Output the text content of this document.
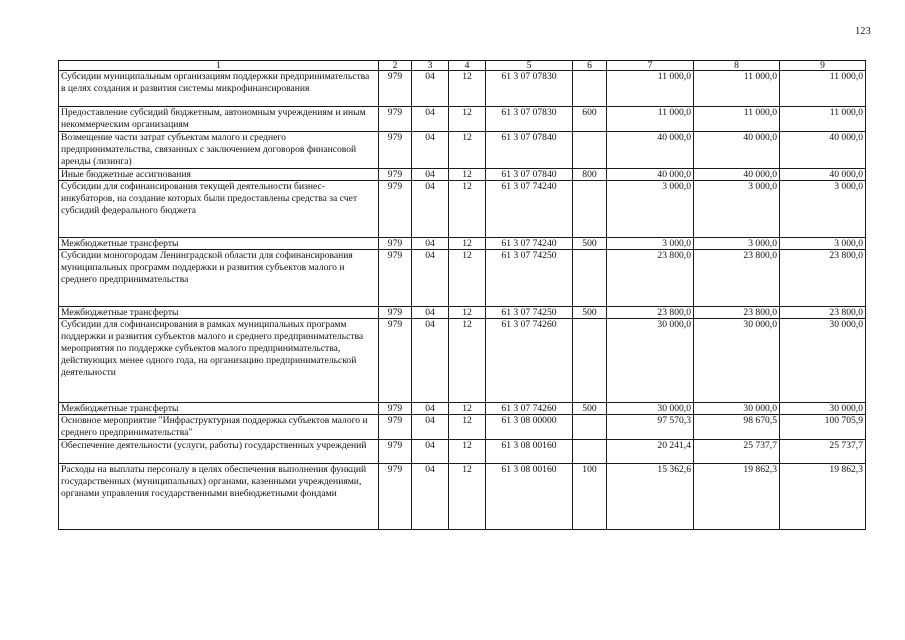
123
1	2	3	4	5	6	7	8	9
Субсидии муниципальным организациям поддержки предпринимательства в целях создания и развития системы микрофинансирования	979	04	12	61 3 07 07830		11 000,0	11 000,0	11 000,0
Предоставление субсидий бюджетным, автономным учреждениям и иным некоммерческим организациям	979	04	12	61 3 07 07830	600	11 000,0	11 000,0	11 000,0
Возмещение части затрат субъектам малого и среднего предпринимательства, связанных с заключением договоров финансовой аренды (лизинга)	979	04	12	61 3 07 07840		40 000,0	40 000,0	40 000,0
Иные бюджетные ассигнования	979	04	12	61 3 07 07840	800	40 000,0	40 000,0	40 000,0
Субсидии для софинансирования текущей деятельности бизнес-инкубаторов, на создание которых были предоставлены средства за счет субсидий федерального бюджета	979	04	12	61 3 07 74240		3 000,0	3 000,0	3 000,0
Межбюджетные трансферты	979	04	12	61 3 07 74240	500	3 000,0	3 000,0	3 000,0
Субсидии моногородам Ленинградской области для софинансирования муниципальных программ поддержки и развития субъектов малого и среднего предпринимательства	979	04	12	61 3 07 74250		23 800,0	23 800,0	23 800,0
Межбюджетные трансферты	979	04	12	61 3 07 74250	500	23 800,0	23 800,0	23 800,0
Субсидии для софинансирования в рамках муниципальных программ поддержки и развития субъектов малого и среднего предпринимательства мероприятия по поддержке субъектов малого предпринимательства, действующих менее одного года, на организацию предпринимательской деятельности	979	04	12	61 3 07 74260		30 000,0	30 000,0	30 000,0
Межбюджетные трансферты	979	04	12	61 3 07 74260	500	30 000,0	30 000,0	30 000,0
Основное мероприятие "Инфраструктурная поддержка субъектов малого и среднего предпринимательства"	979	04	12	61 3 08 00000		97 570,3	98 670,5	100 705,9
Обеспечение деятельности (услуги, работы) государственных учреждений	979	04	12	61 3 08 00160		20 241,4	25 737,7	25 737,7
Расходы на выплаты персоналу в целях обеспечения выполнения функций государственных (муниципальных) органами, казенными учреждениями, органами управления государственными внебюджетными фондами	979	04	12	61 3 08 00160	100	15 362,6	19 862,3	19 862,3
